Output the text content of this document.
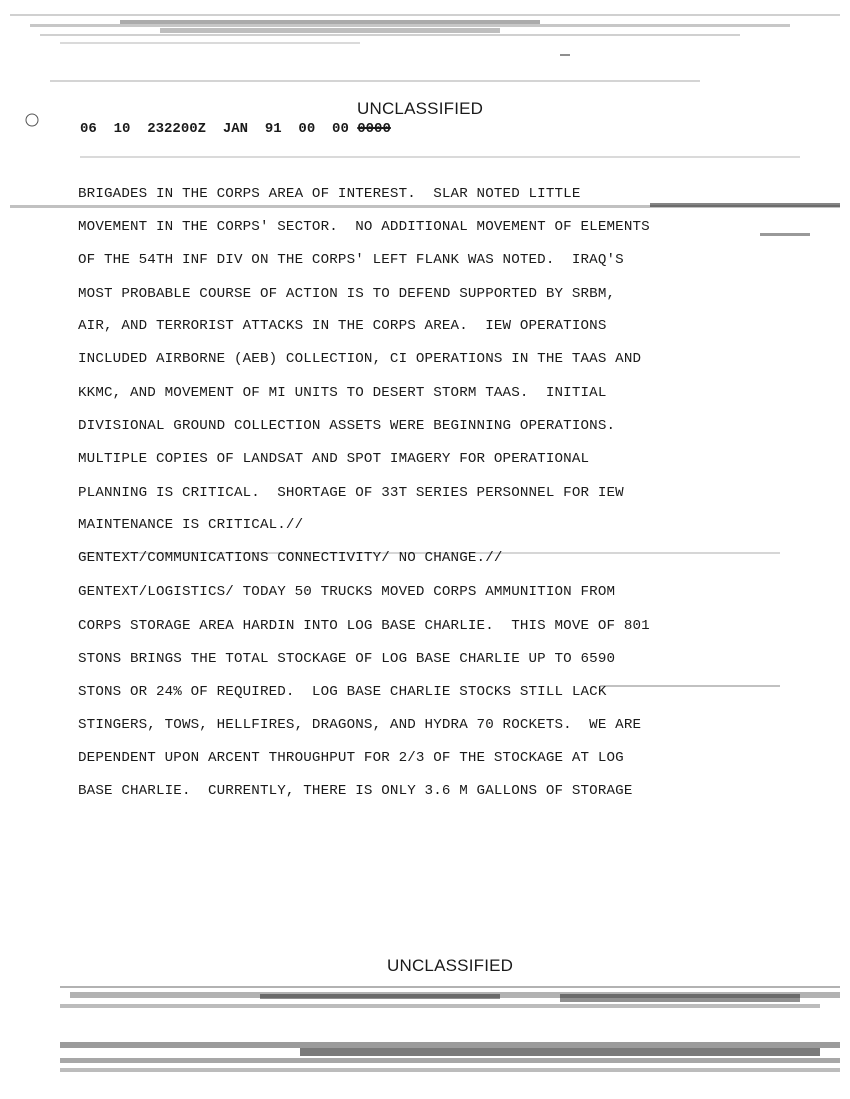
UNCLASSIFIED
06  10  232200Z  JAN  91  00  00 0000
BRIGADES IN THE CORPS AREA OF INTEREST.  SLAR NOTED LITTLE
MOVEMENT IN THE CORPS' SECTOR.  NO ADDITIONAL MOVEMENT OF ELEMENTS
OF THE 54TH INF DIV ON THE CORPS' LEFT FLANK WAS NOTED.  IRAQ'S
MOST PROBABLE COURSE OF ACTION IS TO DEFEND SUPPORTED BY SRBM,
AIR, AND TERRORIST ATTACKS IN THE CORPS AREA.  IEW OPERATIONS
INCLUDED AIRBORNE (AEB) COLLECTION, CI OPERATIONS IN THE TAAS AND
KKMC, AND MOVEMENT OF MI UNITS TO DESERT STORM TAAS.  INITIAL
DIVISIONAL GROUND COLLECTION ASSETS WERE BEGINNING OPERATIONS.
MULTIPLE COPIES OF LANDSAT AND SPOT IMAGERY FOR OPERATIONAL
PLANNING IS CRITICAL.  SHORTAGE OF 33T SERIES PERSONNEL FOR IEW
MAINTENANCE IS CRITICAL.//
GENTEXT/COMMUNICATIONS CONNECTIVITY/ NO CHANGE.//
GENTEXT/LOGISTICS/ TODAY 50 TRUCKS MOVED CORPS AMMUNITION FROM
CORPS STORAGE AREA HARDIN INTO LOG BASE CHARLIE.  THIS MOVE OF 801
STONS BRINGS THE TOTAL STOCKAGE OF LOG BASE CHARLIE UP TO 6590
STONS OR 24% OF REQUIRED.  LOG BASE CHARLIE STOCKS STILL LACK
STINGERS, TOWS, HELLFIRES, DRAGONS, AND HYDRA 70 ROCKETS.  WE ARE
DEPENDENT UPON ARCENT THROUGHPUT FOR 2/3 OF THE STOCKAGE AT LOG
BASE CHARLIE.  CURRENTLY, THERE IS ONLY 3.6 M GALLONS OF STORAGE
UNCLASSIFIED
